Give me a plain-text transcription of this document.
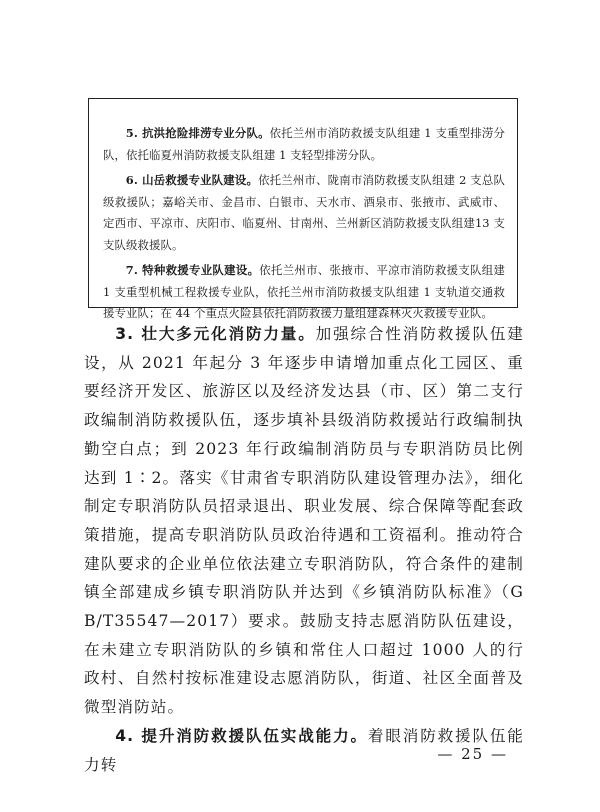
5. 抗洪抢险排涝专业分队。依托兰州市消防救援支队组建 1 支重型排涝分队，依托临夏州消防救援支队组建 1 支轻型排涝分队。

6. 山岳救援专业队建设。依托兰州市、陇南市消防救援支队组建 2 支总队级救援队；嘉峪关市、金昌市、白银市、天水市、酒泉市、张掖市、武威市、定西市、平凉市、庆阳市、临夏州、甘南州、兰州新区消防救援支队组建13 支支队级救援队。

7. 特种救援专业队建设。依托兰州市、张掖市、平凉市消防救援支队组建 1 支重型机械工程救援专业队，依托兰州市消防救援支队组建 1 支轨道交通救援专业队；在 44 个重点火险县依托消防救援力量组建森林灭火救援专业队。

3. 壮大多元化消防力量。加强综合性消防救援队伍建设，从 2021 年起分 3 年逐步申请增加重点化工园区、重要经济开发区、旅游区以及经济发达县（市、区）第二支行政编制消防救援队伍，逐步填补县级消防救援站行政编制执勤空白点；到 2023 年行政编制消防员与专职消防员比例达到 1∶2。落实《甘肃省专职消防队建设管理办法》，细化制定专职消防队员招录退出、职业发展、综合保障等配套政策措施，提高专职消防队员政治待遇和工资福利。推动符合建队要求的企业单位依法建立专职消防队，符合条件的建制镇全部建成乡镇专职消防队并达到《乡镇消防队标准》（GB/T35547—2017）要求。鼓励支持志愿消防队伍建设，在未建立专职消防队的乡镇和常住人口超过 1000 人的行政村、自然村按标准建设志愿消防队，街道、社区全面普及微型消防站。

4. 提升消防救援队伍实战能力。着眼消防救援队伍能力转

— 25 —
